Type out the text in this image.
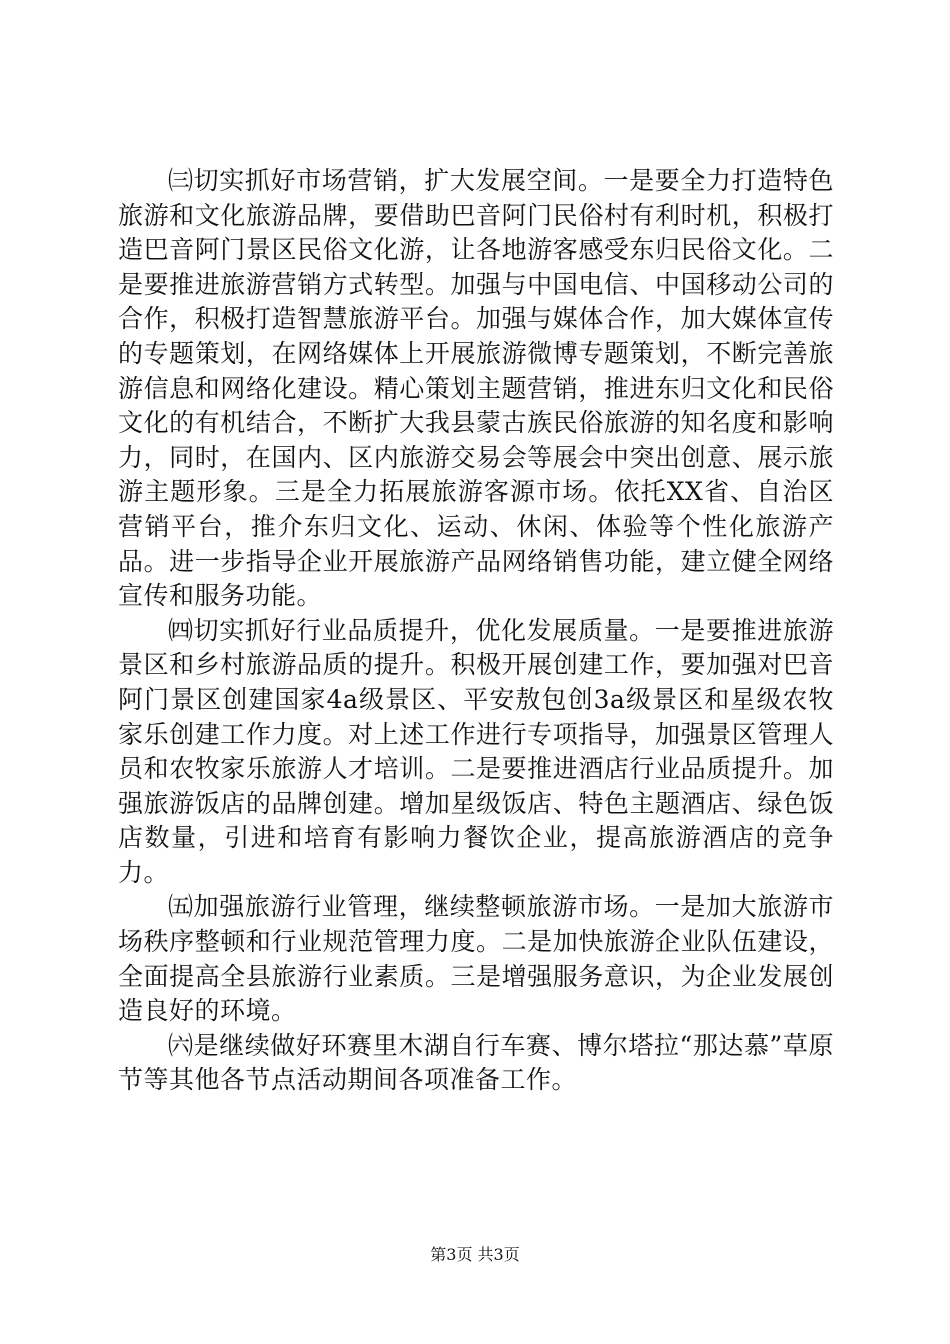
㈢切实抓好市场营销，扩大发展空间。一是要全力打造特色旅游和文化旅游品牌，要借助巴音阿门民俗村有利时机，积极打造巴音阿门景区民俗文化游，让各地游客感受东归民俗文化。二是要推进旅游营销方式转型。加强与中国电信、中国移动公司的合作，积极打造智慧旅游平台。加强与媒体合作，加大媒体宣传的专题策划，在网络媒体上开展旅游微博专题策划，不断完善旅游信息和网络化建设。精心策划主题营销，推进东归文化和民俗文化的有机结合，不断扩大我县蒙古族民俗旅游的知名度和影响力，同时，在国内、区内旅游交易会等展会中突出创意、展示旅游主题形象。三是全力拓展旅游客源市场。依托XX省、自治区营销平台，推介东归文化、运动、休闲、体验等个性化旅游产品。进一步指导企业开展旅游产品网络销售功能，建立健全网络宣传和服务功能。

㈣切实抓好行业品质提升，优化发展质量。一是要推进旅游景区和乡村旅游品质的提升。积极开展创建工作，要加强对巴音阿门景区创建国家4a级景区、平安敖包创3a级景区和星级农牧家乐创建工作力度。对上述工作进行专项指导，加强景区管理人员和农牧家乐旅游人才培训。二是要推进酒店行业品质提升。加强旅游饭店的品牌创建。增加星级饭店、特色主题酒店、绿色饭店数量，引进和培育有影响力餐饮企业，提高旅游酒店的竞争力。

㈤加强旅游行业管理，继续整顿旅游市场。一是加大旅游市场秩序整顿和行业规范管理力度。二是加快旅游企业队伍建设，全面提高全县旅游行业素质。三是增强服务意识，为企业发展创造良好的环境。

㈥是继续做好环赛里木湖自行车赛、博尔塔拉“那达慕”草原节等其他各节点活动期间各项准备工作。

第3页 共3页
